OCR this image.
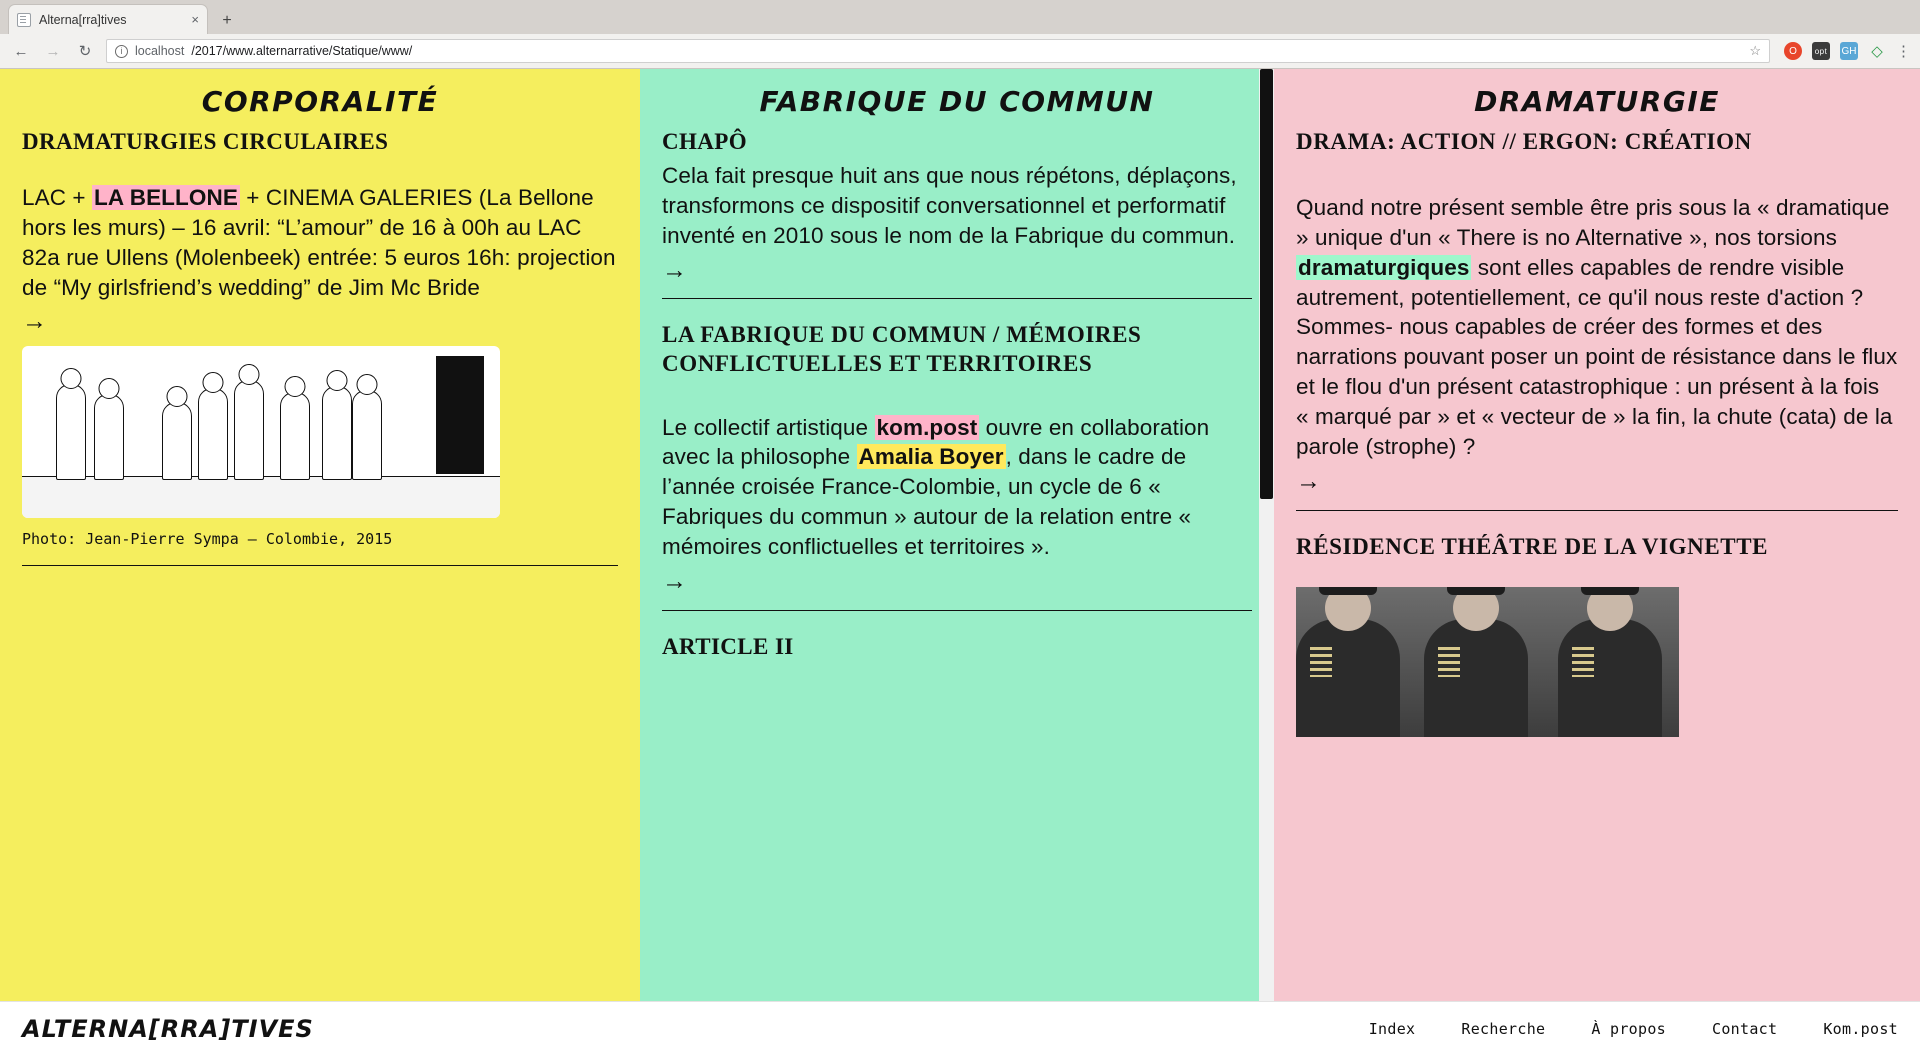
Alterna[rra]tives	×	+
← →	↻	i	localhost /2017/www.alternarrative/Statique/www/	☆	O	opt GH ◇ ⋮
CORPORALITÉ
DRAMATURGIES CIRCULAIRES

LAC + LA BELLONE + CINEMA GALERIES (La Bellone hors les murs) – 16 avril: “L’amour” de 16 à 00h au LAC 82a rue Ullens (Molenbeek) entrée: 5 euros 16h: projection de “My girlsfriend’s wedding” de Jim Mc Bride

→

Photo: Jean-Pierre Sympa — Colombie, 2015

FABRIQUE DU COMMUN
CHAPÔ

Cela fait presque huit ans que nous répétons, déplaçons, transformons ce dispositif conversationnel et performatif inventé en 2010 sous le nom de la Fabrique du commun.

→
LA FABRIQUE DU COMMUN / MÉMOIRES CONFLICTUELLES ET TERRITOIRES

Le collectif artistique kom.post ouvre en collaboration avec la philosophe Amalia Boyer, dans le cadre de l’année croisée France-Colombie, un cycle de 6 « Fabriques du commun » autour de la relation entre « mémoires conflictuelles et territoires ».

→
ARTICLE II
DRAMATURGIE
DRAMA: ACTION // ERGON: CRÉATION

Quand notre présent semble être pris sous la « dramatique » unique d'un « There is no Alternative », nos torsions dramaturgiques sont elles capables de rendre visible autrement, potentiellement, ce qu'il nous reste d'action ? Sommes- nous capables de créer des formes et des narrations pouvant poser un point de résistance dans le flux et le flou d'un présent catastrophique : un présent à la fois « marqué par » et « vecteur de » la fin, la chute (cata) de la parole (strophe) ?

→
RÉSIDENCE THÉÂTRE DE LA VIGNETTE
ALTERNA[RRA]TIVES	Index	Recherche	À propos	Contact	Kom.post
